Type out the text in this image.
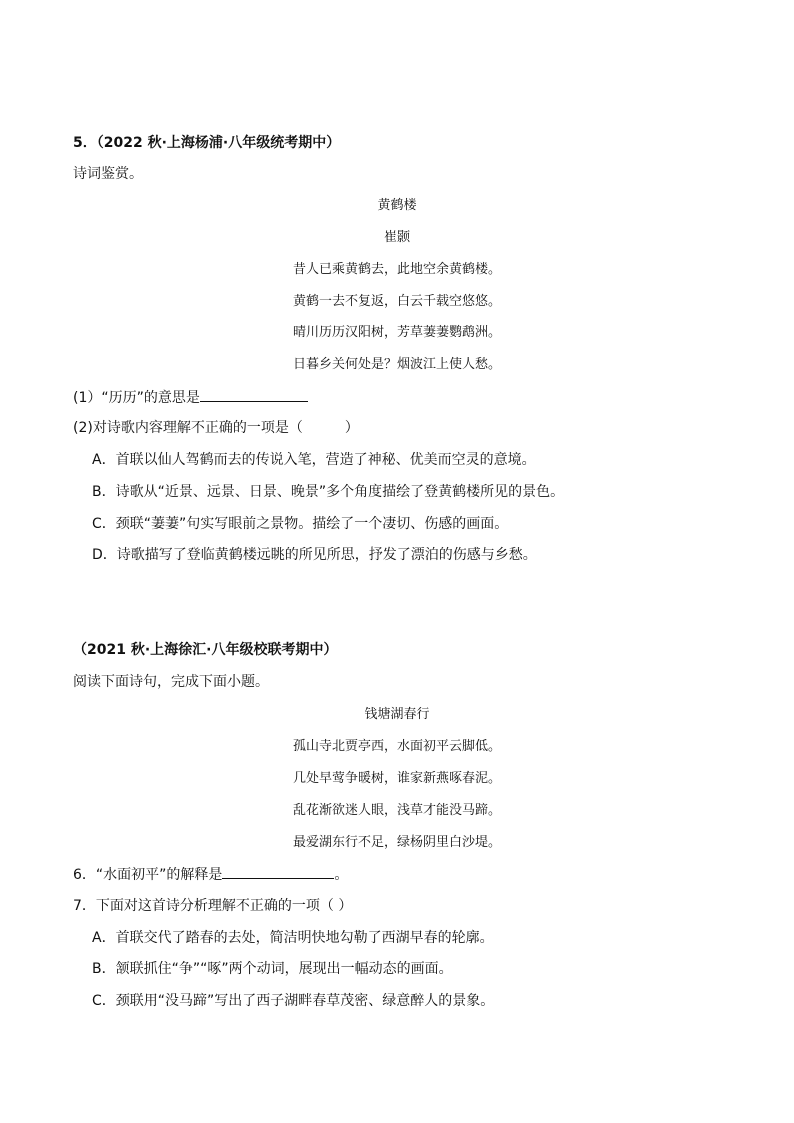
5．（2022 秋·上海杨浦·八年级统考期中）
诗词鉴赏。
黄鹤楼
崔颢
昔人已乘黄鹤去，此地空余黄鹤楼。
黄鹤一去不复返，白云千载空悠悠。
晴川历历汉阳树，芳草萋萋鹦鹉洲。
日暮乡关何处是？烟波江上使人愁。
(1）“历历”的意思是
(2)对诗歌内容理解不正确的一项是（　　　）
A．首联以仙人驾鹤而去的传说入笔，营造了神秘、优美而空灵的意境。
B．诗歌从“近景、远景、日景、晚景”多个角度描绘了登黄鹤楼所见的景色。
C．颈联“萋萋”句实写眼前之景物。描绘了一个凄切、伤感的画面。
D．诗歌描写了登临黄鹤楼远眺的所见所思，抒发了漂泊的伤感与乡愁。
（2021 秋·上海徐汇·八年级校联考期中）
阅读下面诗句，完成下面小题。
钱塘湖春行
孤山寺北贾亭西，水面初平云脚低。
几处早莺争暖树，谁家新燕啄春泥。
乱花渐欲迷人眼，浅草才能没马蹄。
最爱湖东行不足，绿杨阴里白沙堤。
6．“水面初平”的解释是	。
7．下面对这首诗分析理解不正确的一项（ ）
A．首联交代了踏春的去处，简洁明快地勾勒了西湖早春的轮廓。
B．颔联抓住“争”“啄”两个动词，展现出一幅动态的画面。
C．颈联用“没马蹄”写出了西子湖畔春草茂密、绿意醉人的景象。
